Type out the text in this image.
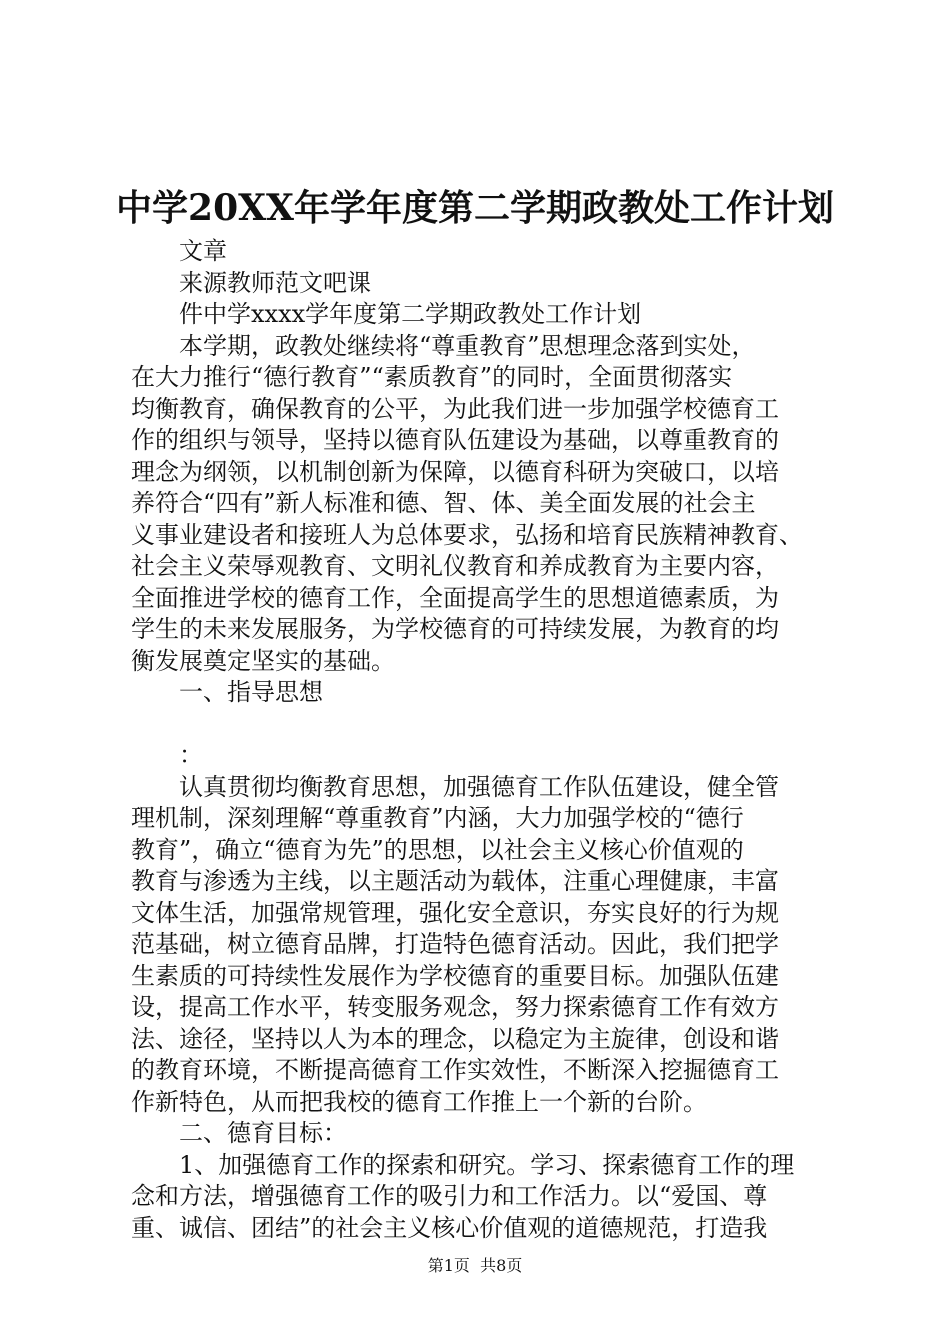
中学20XX年学年度第二学期政教处工作计划
文章
来源教师范文吧课
件中学xxxx学年度第二学期政教处工作计划
本学期，政教处继续将“尊重教育”思想理念落到实处，
在大力推行“德行教育”“素质教育”的同时，全面贯彻落实
均衡教育，确保教育的公平，为此我们进一步加强学校德育工
作的组织与领导，坚持以德育队伍建设为基础，以尊重教育的
理念为纲领，以机制创新为保障，以德育科研为突破口，以培
养符合“四有”新人标准和德、智、体、美全面发展的社会主
义事业建设者和接班人为总体要求，弘扬和培育民族精神教育、
社会主义荣辱观教育、文明礼仪教育和养成教育为主要内容，
全面推进学校的德育工作，全面提高学生的思想道德素质，为
学生的未来发展服务，为学校德育的可持续发展，为教育的均
衡发展奠定坚实的基础。
一、指导思想
：
认真贯彻均衡教育思想，加强德育工作队伍建设，健全管
理机制，深刻理解“尊重教育”内涵，大力加强学校的“德行
教育”，确立“德育为先”的思想，以社会主义核心价值观的
教育与渗透为主线，以主题活动为载体，注重心理健康，丰富
文体生活，加强常规管理，强化安全意识，夯实良好的行为规
范基础，树立德育品牌，打造特色德育活动。因此，我们把学
生素质的可持续性发展作为学校德育的重要目标。加强队伍建
设，提高工作水平，转变服务观念，努力探索德育工作有效方
法、途径，坚持以人为本的理念，以稳定为主旋律，创设和谐
的教育环境，不断提高德育工作实效性，不断深入挖掘德育工
作新特色，从而把我校的德育工作推上一个新的台阶。
二、德育目标：
1、加强德育工作的探索和研究。学习、探索德育工作的理
念和方法，增强德育工作的吸引力和工作活力。以“爱国、尊
重、诚信、团结”的社会主义核心价值观的道德规范，打造我
第1页  共8页
